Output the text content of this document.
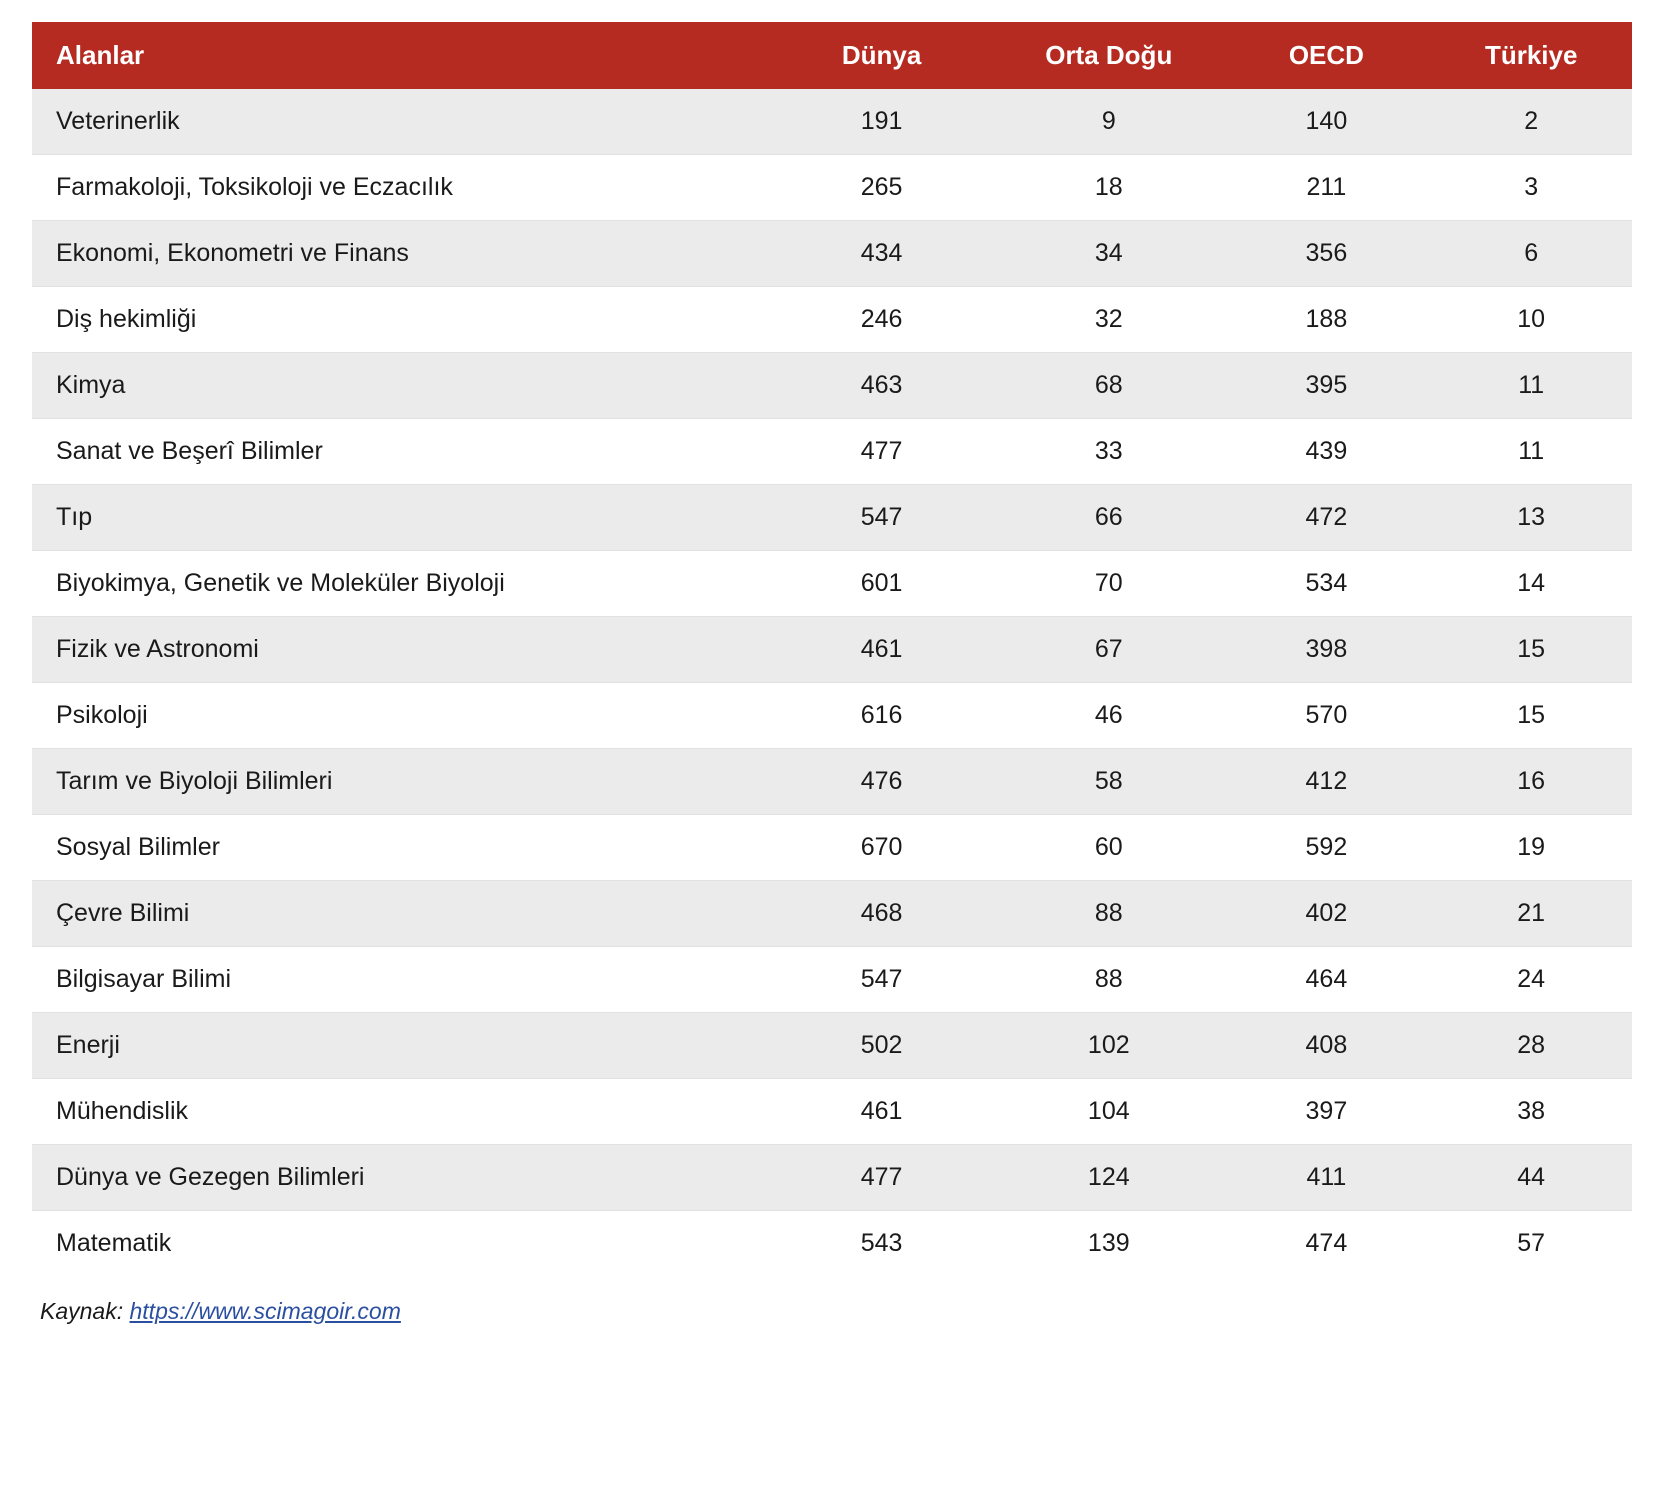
Alanlar	Dünya	Orta Doğu	OECD	Türkiye
Veterinerlik	191	9	140	2
Farmakoloji, Toksikoloji ve Eczacılık	265	18	211	3
Ekonomi, Ekonometri ve Finans	434	34	356	6
Diş hekimliği	246	32	188	10
Kimya	463	68	395	11
Sanat ve Beşerî Bilimler	477	33	439	11
Tıp	547	66	472	13
Biyokimya, Genetik ve Moleküler Biyoloji	601	70	534	14
Fizik ve Astronomi	461	67	398	15
Psikoloji	616	46	570	15
Tarım ve Biyoloji Bilimleri	476	58	412	16
Sosyal Bilimler	670	60	592	19
Çevre Bilimi	468	88	402	21
Bilgisayar Bilimi	547	88	464	24
Enerji	502	102	408	28
Mühendislik	461	104	397	38
Dünya ve Gezegen Bilimleri	477	124	411	44
Matematik	543	139	474	57
Kaynak: https://www.scimagoir.com
